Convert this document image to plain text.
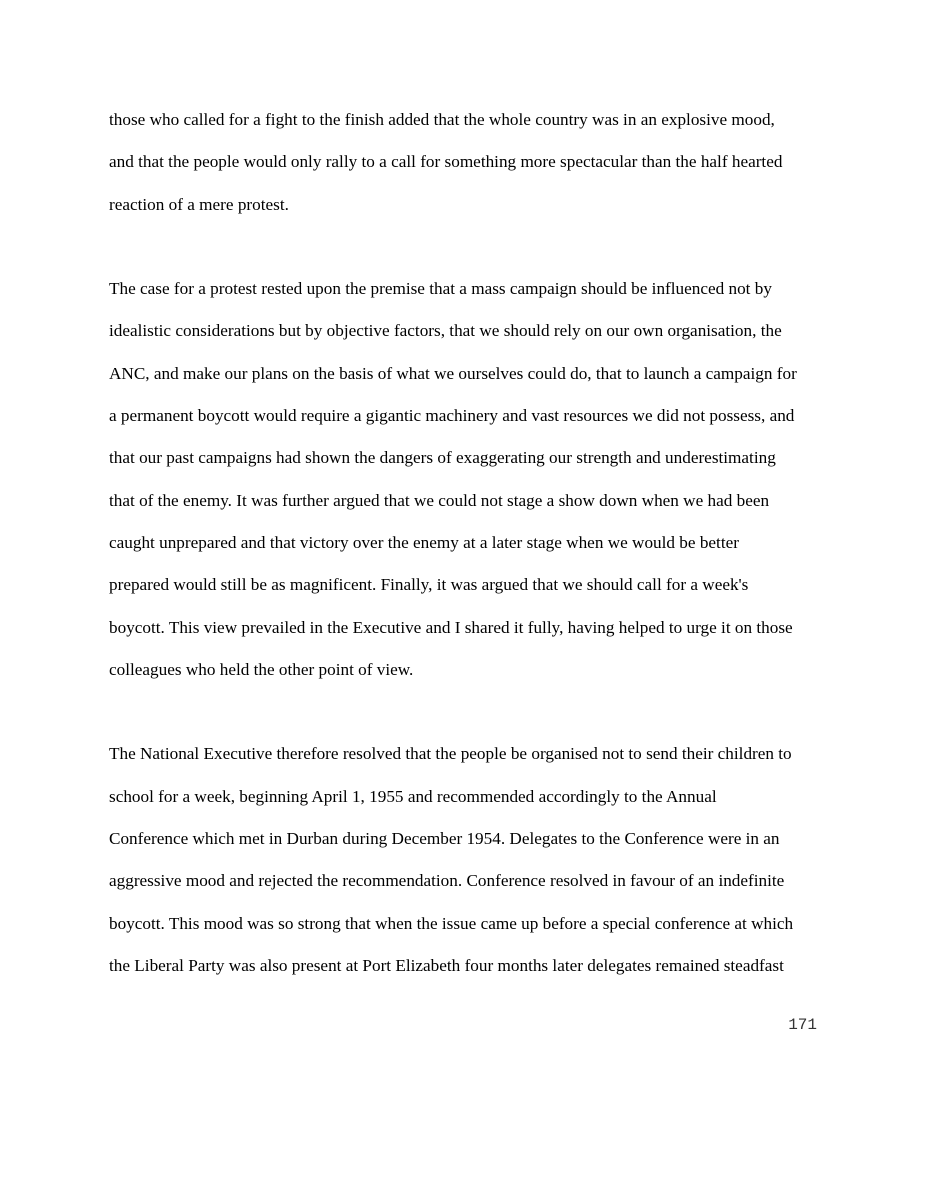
those who called for a fight to the finish added that the whole country was in an explosive mood,
and that the people would only rally to a call for something more spectacular than the half hearted
reaction of a mere protest.
The case for a protest rested upon the premise that a mass campaign should be influenced not by
idealistic considerations but by objective factors, that we should rely on our own organisation, the
ANC, and make our plans on the basis of what we ourselves could do, that to launch a campaign for
a permanent boycott would require a gigantic machinery and vast resources we did not possess, and
that our past campaigns had shown the dangers of exaggerating our strength and underestimating
that of the enemy. It was further argued that we could not stage a show down when we had been
caught unprepared and that victory over the enemy at a later stage when we would be better
prepared would still be as magnificent. Finally, it was argued that we should call for a week's
boycott. This view prevailed in the Executive and I shared it fully, having helped to urge it on those
colleagues who held the other point of view.
The National Executive therefore resolved that the people be organised not to send their children to
school for a week, beginning April 1, 1955 and recommended accordingly to the Annual
Conference which met in Durban during December 1954. Delegates to the Conference were in an
aggressive mood and rejected the recommendation. Conference resolved in favour of an indefinite
boycott. This mood was so strong that when the issue came up before a special conference at which
the Liberal Party was also present at Port Elizabeth four months later delegates remained steadfast
171
